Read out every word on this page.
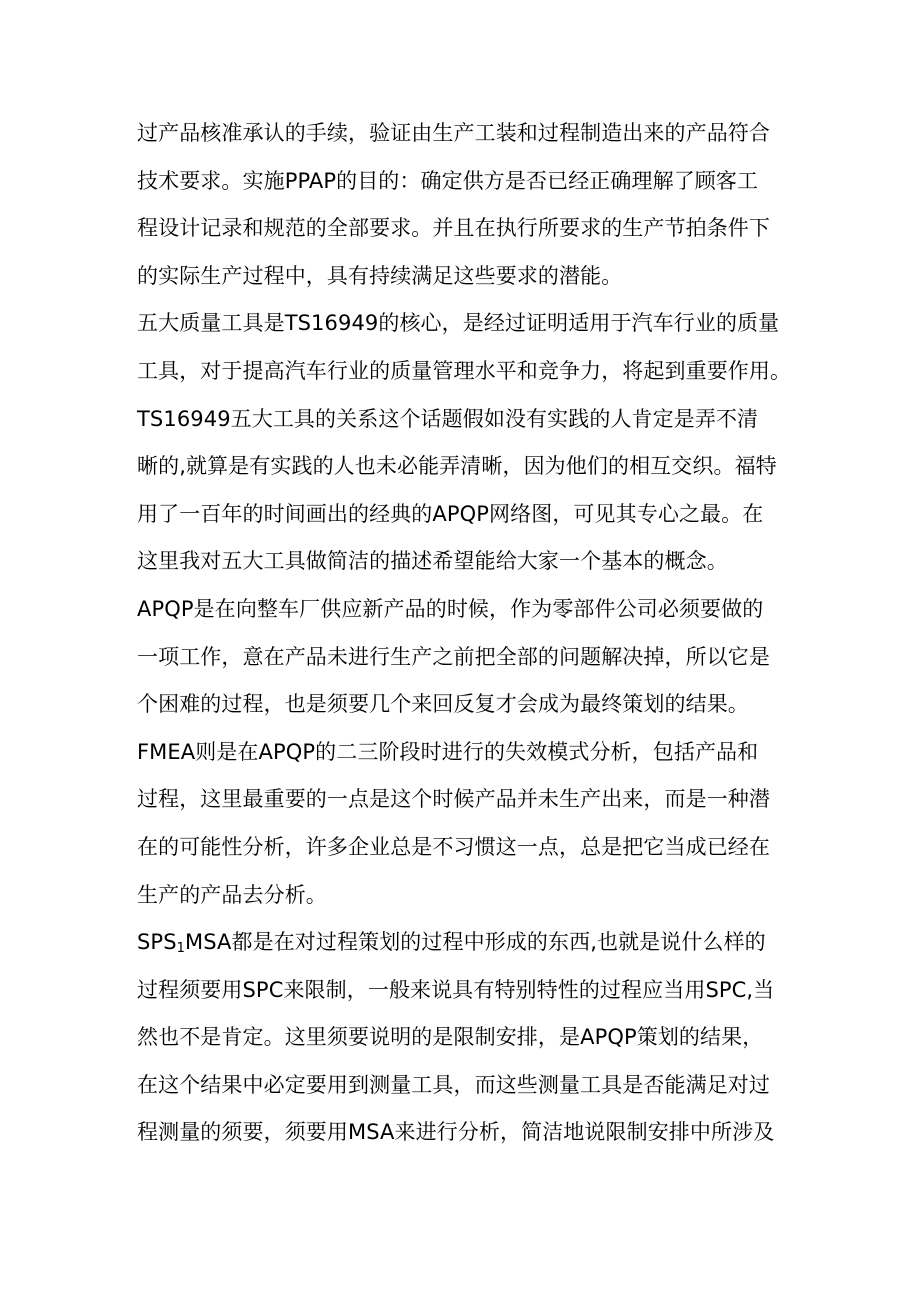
过产品核准承认的手续，验证由生产工装和过程制造出来的产品符合
技术要求。实施PPAP的目的：确定供方是否已经正确理解了顾客工
程设计记录和规范的全部要求。并且在执行所要求的生产节拍条件下
的实际生产过程中，具有持续满足这些要求的潜能。
五大质量工具是TS16949的核心，是经过证明适用于汽车行业的质量
工具，对于提高汽车行业的质量管理水平和竞争力，将起到重要作用。
TS16949五大工具的关系这个话题假如没有实践的人肯定是弄不清
晰的,就算是有实践的人也未必能弄清晰，因为他们的相互交织。福特
用了一百年的时间画出的经典的APQP网络图，可见其专心之最。在
这里我对五大工具做简洁的描述希望能给大家一个基本的概念。
APQP是在向整车厂供应新产品的时候，作为零部件公司必须要做的
一项工作，意在产品未进行生产之前把全部的问题解决掉，所以它是
个困难的过程，也是须要几个来回反复才会成为最终策划的结果。
FMEA则是在APQP的二三阶段时进行的失效模式分析，包括产品和
过程，这里最重要的一点是这个时候产品并未生产出来，而是一种潜
在的可能性分析，许多企业总是不习惯这一点，总是把它当成已经在
生产的产品去分析。
$SPS_1MSA$都是在对过程策划的过程中形成的东西,也就是说什么样的
过程须要用SPC来限制，一般来说具有特别特性的过程应当用SPC,当
然也不是肯定。这里须要说明的是限制安排，是APQP策划的结果，
在这个结果中必定要用到测量工具，而这些测量工具是否能满足对过
程测量的须要，须要用MSA来进行分析，简洁地说限制安排中所涉及
